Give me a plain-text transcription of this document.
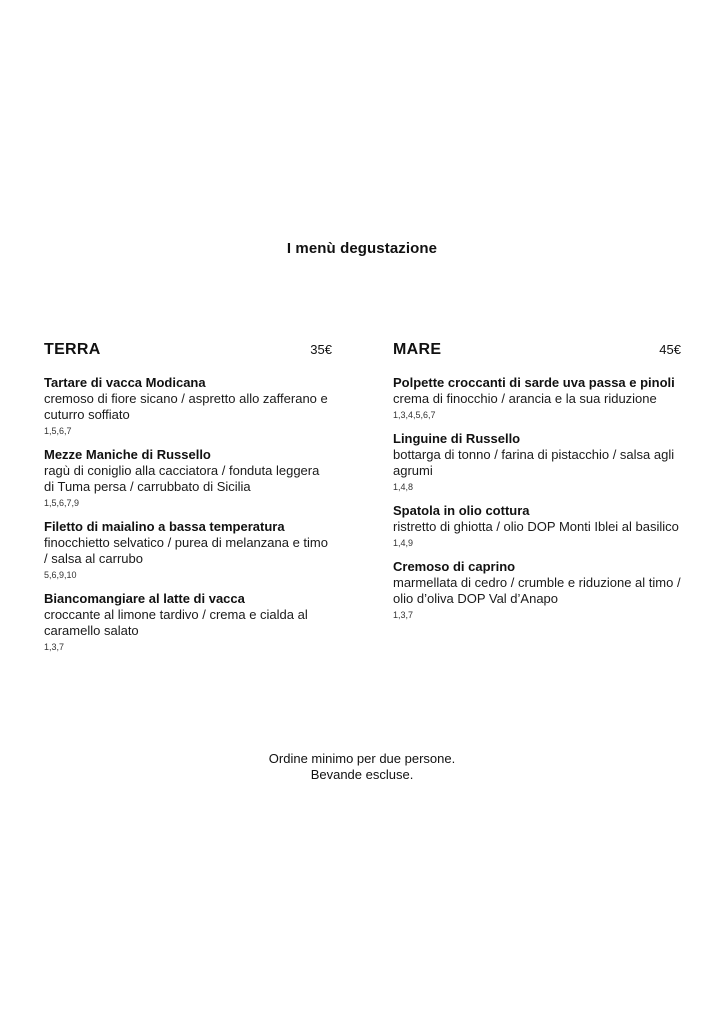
I menù degustazione
TERRA	35€
Tartare di vacca Modicana
cremoso di fiore sicano / aspretto allo zafferano e cuturro soffiato
1,5,6,7
Mezze Maniche di Russello
ragù di coniglio alla cacciatora / fonduta leggera di Tuma persa / carrubbato di Sicilia
1,5,6,7,9
Filetto di maialino a bassa temperatura
finocchietto selvatico / purea di melanzana e timo / salsa al carrubo
5,6,9,10
Biancomangiare al latte di vacca
croccante al limone tardivo / crema e cialda al caramello salato
1,3,7
MARE	45€
Polpette croccanti di sarde uva passa e pinoli
crema di finocchio / arancia e la sua riduzione
1,3,4,5,6,7
Linguine di Russello
bottarga di tonno / farina di pistacchio / salsa agli agrumi
1,4,8
Spatola in olio cottura
ristretto di ghiotta / olio DOP Monti Iblei al basilico
1,4,9
Cremoso di caprino
marmellata di cedro / crumble e riduzione al timo / olio d’oliva DOP Val d’Anapo
1,3,7
Ordine minimo per due persone.
Bevande escluse.
